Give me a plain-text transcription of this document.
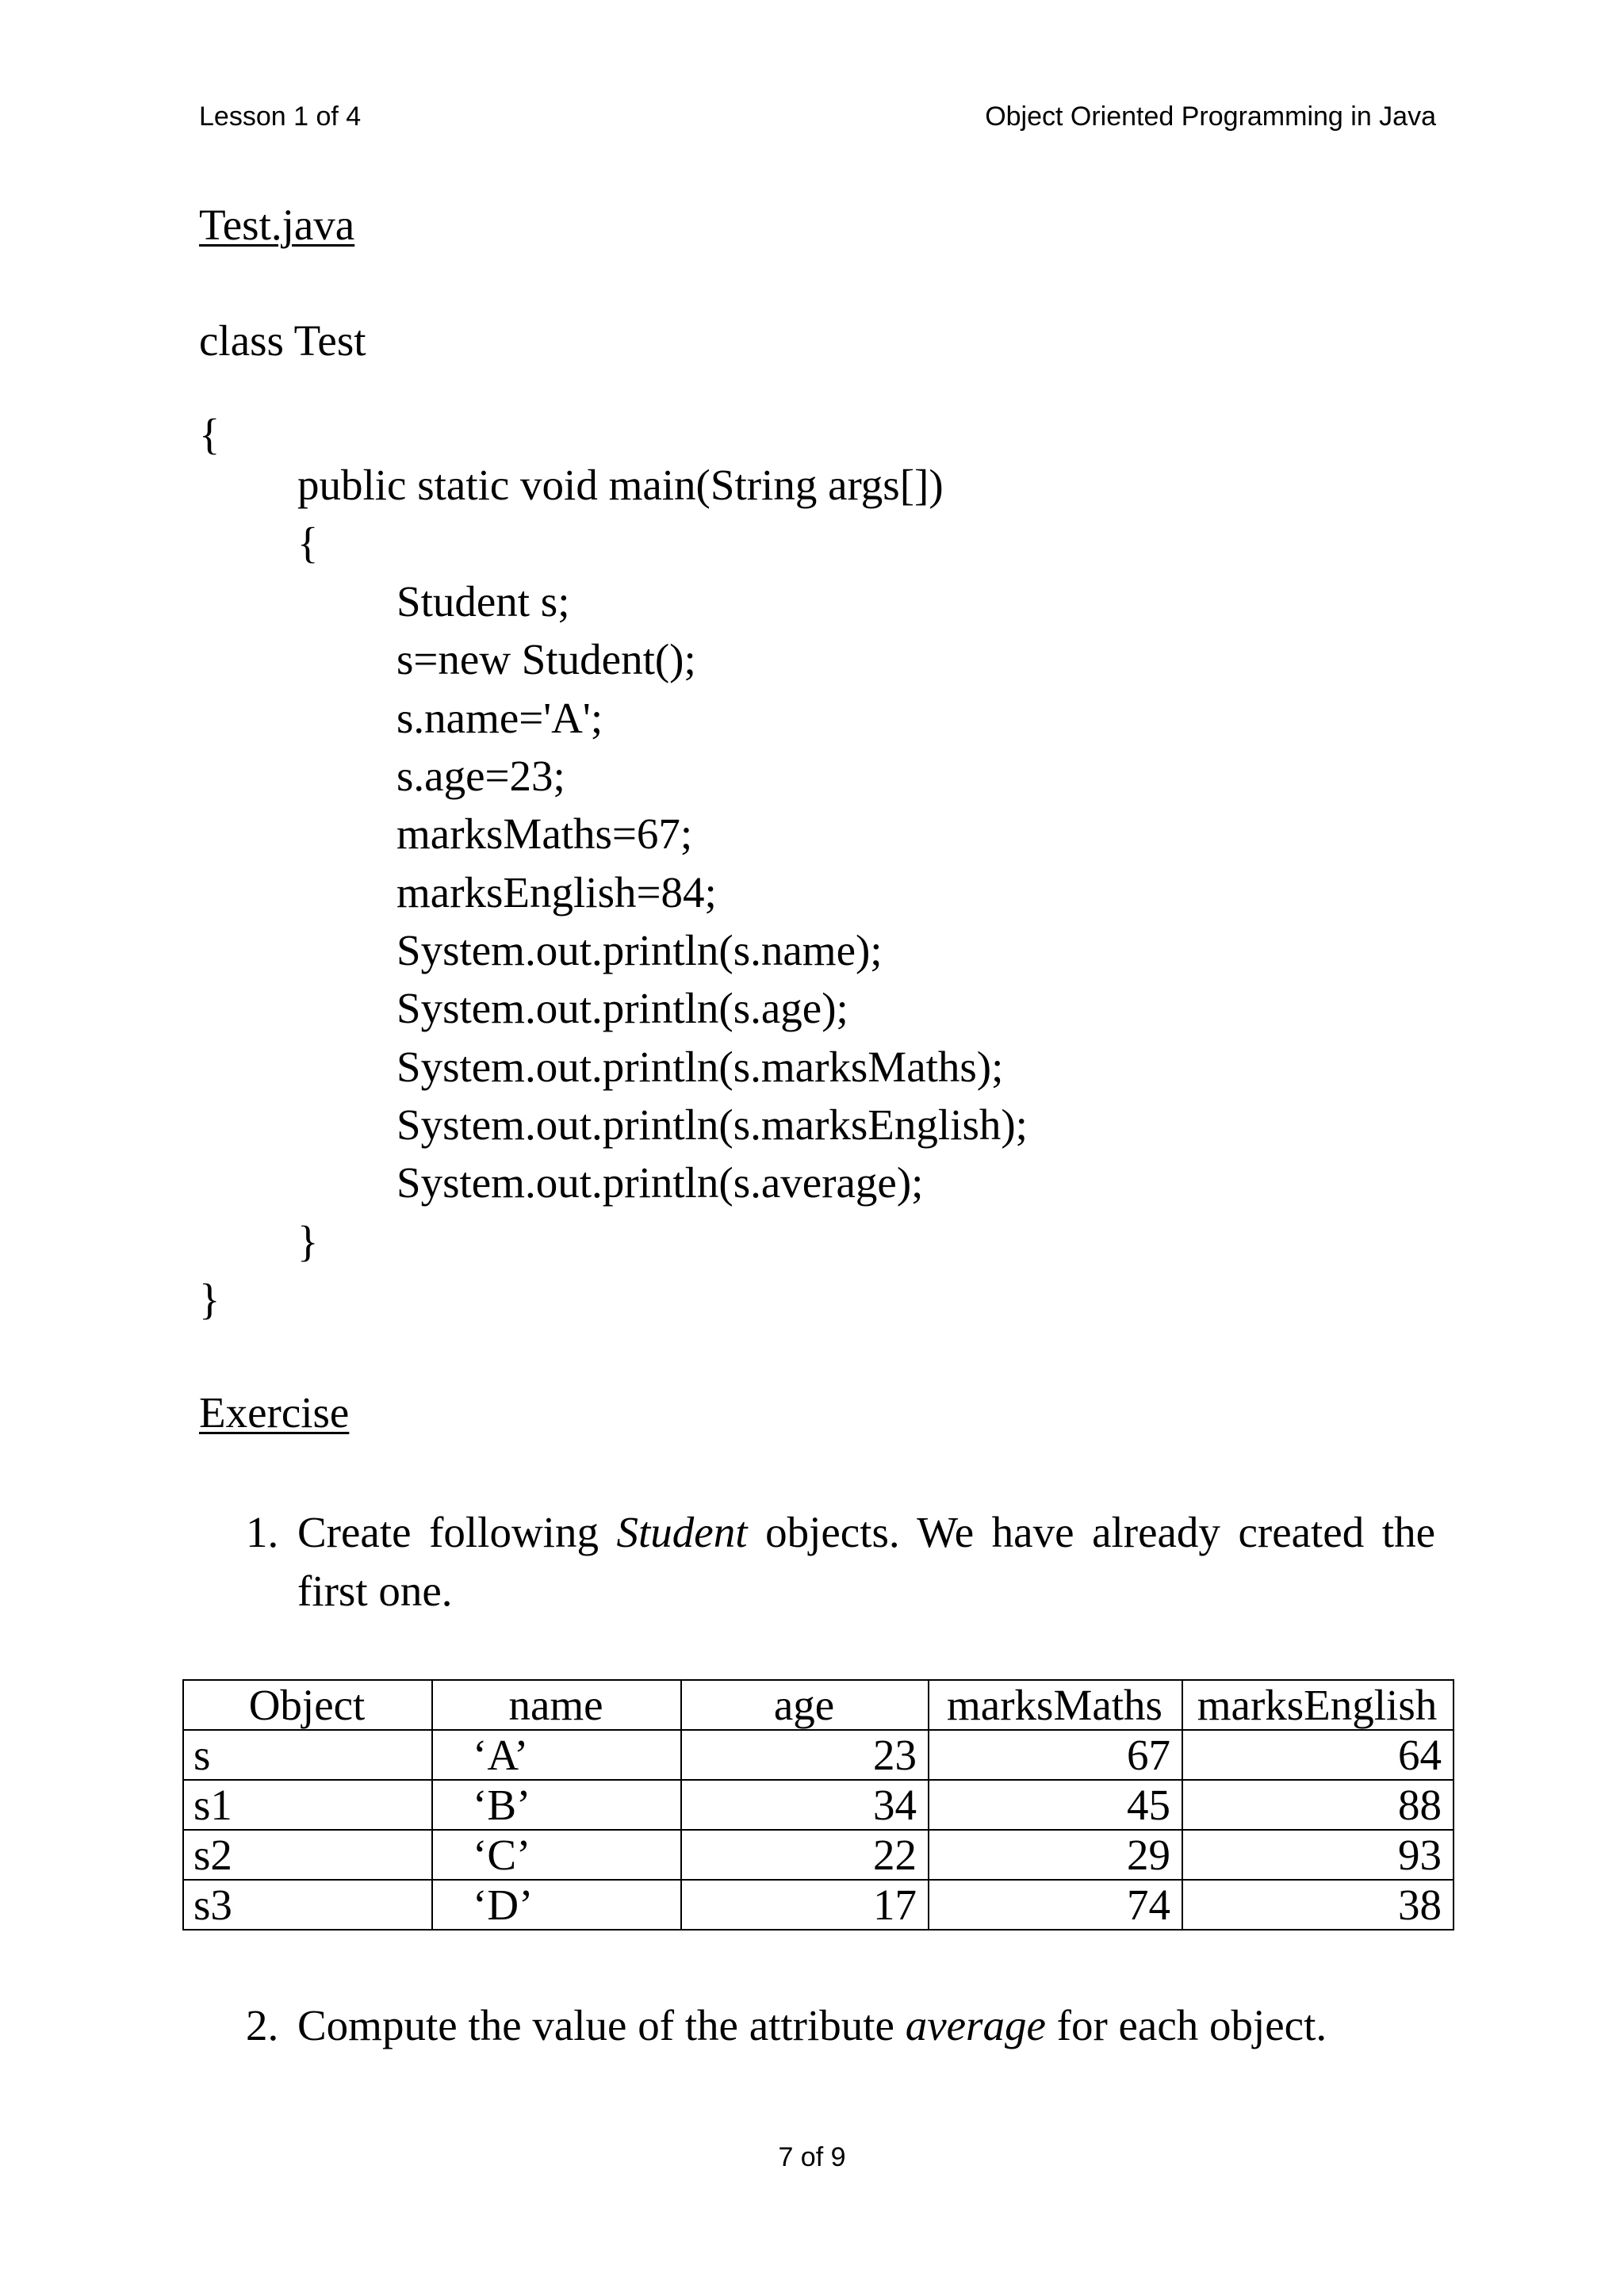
Lesson 1 of 4	Object Oriented Programming in Java
Test.java
class Test
{
public static void main(String args[])
{
Student s;
s=new Student();
s.name='A';
s.age=23;
marksMaths=67;
marksEnglish=84;
System.out.println(s.name);
System.out.println(s.age);
System.out.println(s.marksMaths);
System.out.println(s.marksEnglish);
System.out.println(s.average);
}
}
Exercise
1. Create following Student objects. We have already created the
first one.
Object	name	age	marksMaths	marksEnglish
s	‘A’	23	67	64
s1	‘B’	34	45	88
s2	‘C’	22	29	93
s3	‘D’	17	74	38
2. Compute the value of the attribute average for each object.
7 of 9
